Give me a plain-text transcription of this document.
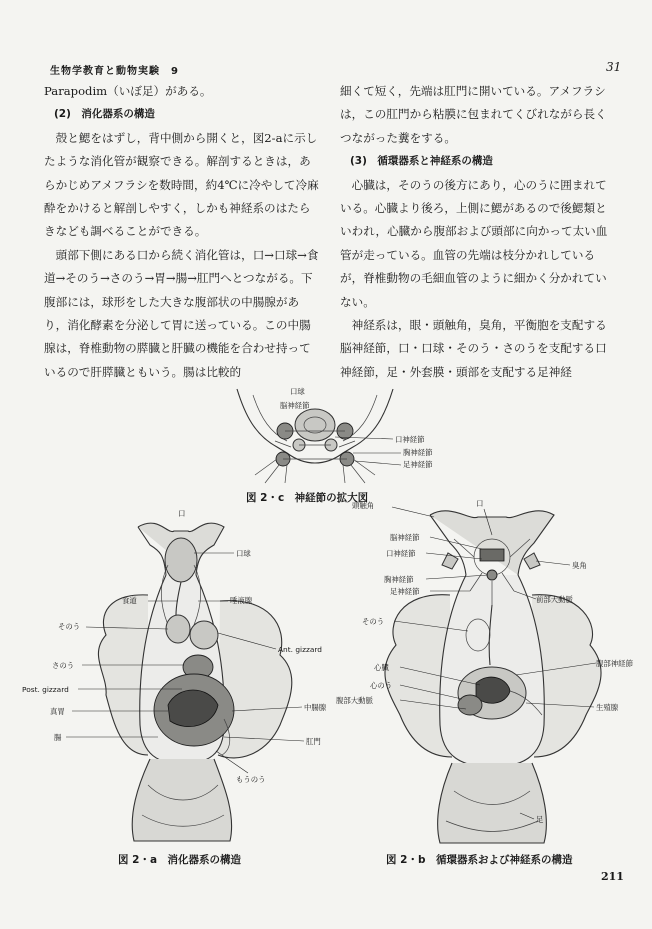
生物学教育と動物実験　9	31
211

Parapodim（いぼ足）がある。

(2)　消化器系の構造

殻と鰓をはずし，背中側から開くと，図2-aに示したような消化管が観察できる。解剖するときは，あらかじめアメフラシを数時間，約4℃に冷やして冷麻酔をかけると解剖しやすく，しかも神経系のはたらきなども調べることができる。

頭部下側にある口から続く消化管は，口→口球→食道→そのう→さのう→胃→腸→肛門へとつながる。下腹部には，球形をした大きな腹部状の中腸腺があり，消化酵素を分泌して胃に送っている。この中腸腺は，脊椎動物の膵臓と肝臓の機能を合わせ持っているので肝膵臓ともいう。腸は比較的

細くて短く，先端は肛門に開いている。アメフラシは，この肛門から粘膜に包まれてくびれながら長くつながった糞をする。

(3)　循環器系と神経系の構造

心臓は，そのうの後方にあり，心のうに囲まれている。心臓より後ろ，上側に鰓があるので後鰓類といわれ，心臓から腹部および頭部に向かって太い血管が走っている。血管の先端は枝分かれしているが，脊椎動物の毛細血管のように細かく分かれていない。

神経系は，眼・頭触角，臭角，平衡胞を支配する脳神経節，口・口球・そのう・さのうを支配する口神経節，足・外套膜・頭部を支配する足神経

口球
脳神経節
口神経節
胸神経節
足神経節
図 2・c　神経節の拡大図
口
口球
食道	唾液腺
そのう
Ant. gizzard
さのう
Post. gizzard
中腸腺
真胃
腸	肛門
もうのう
図 2・a　消化器系の構造
頭触角	口
脳神経節
口神経節
臭角
胸神経節
足神経節
前部大動脈
そのう
腹部神経節
心臓
心のう
腹部大動脈
生殖腺
足
図 2・b　循環器系および神経系の構造
